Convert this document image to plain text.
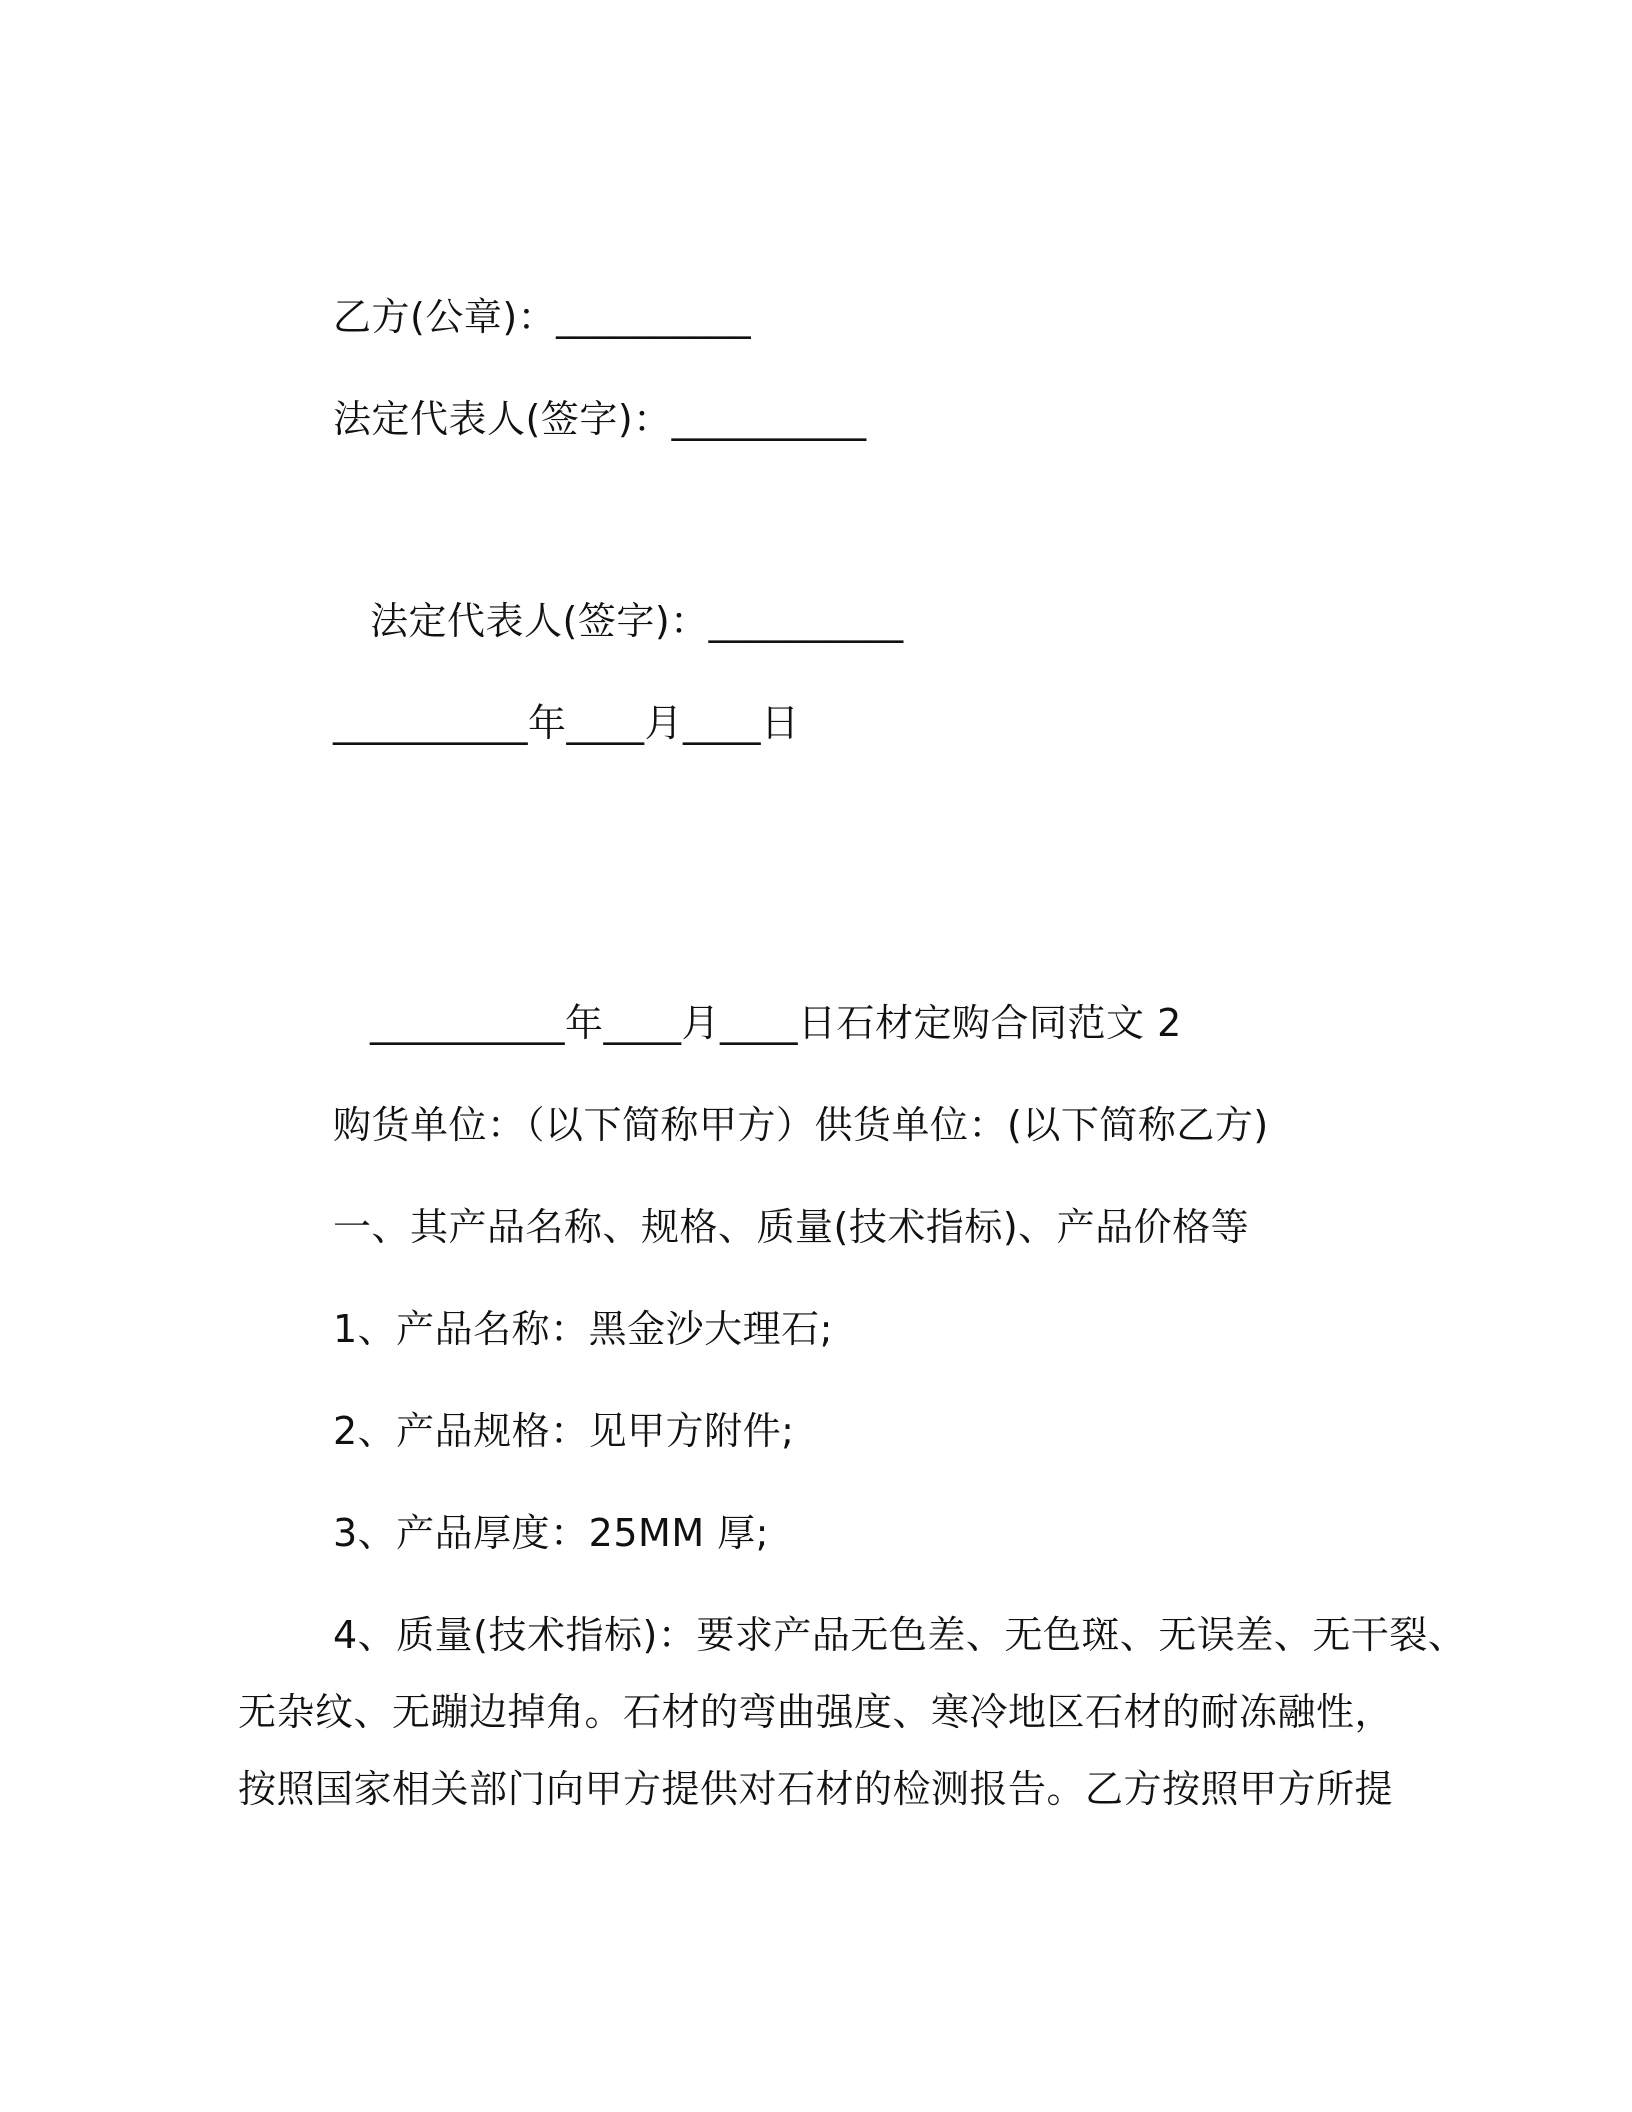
乙方(公章)：__________
法定代表人(签字)：__________
法定代表人(签字)：__________
__________年____月____日
__________年____月____日石材定购合同范文 2
购货单位：（以下简称甲方）供货单位：(以下简称乙方)
一、其产品名称、规格、质量(技术指标)、产品价格等
1、产品名称：黑金沙大理石;
2、产品规格：见甲方附件;
3、产品厚度：25MM 厚;
4、质量(技术指标)：要求产品无色差、无色斑、无误差、无干裂、
无杂纹、无蹦边掉角。石材的弯曲强度、寒冷地区石材的耐冻融性，
按照国家相关部门向甲方提供对石材的检测报告。乙方按照甲方所提
